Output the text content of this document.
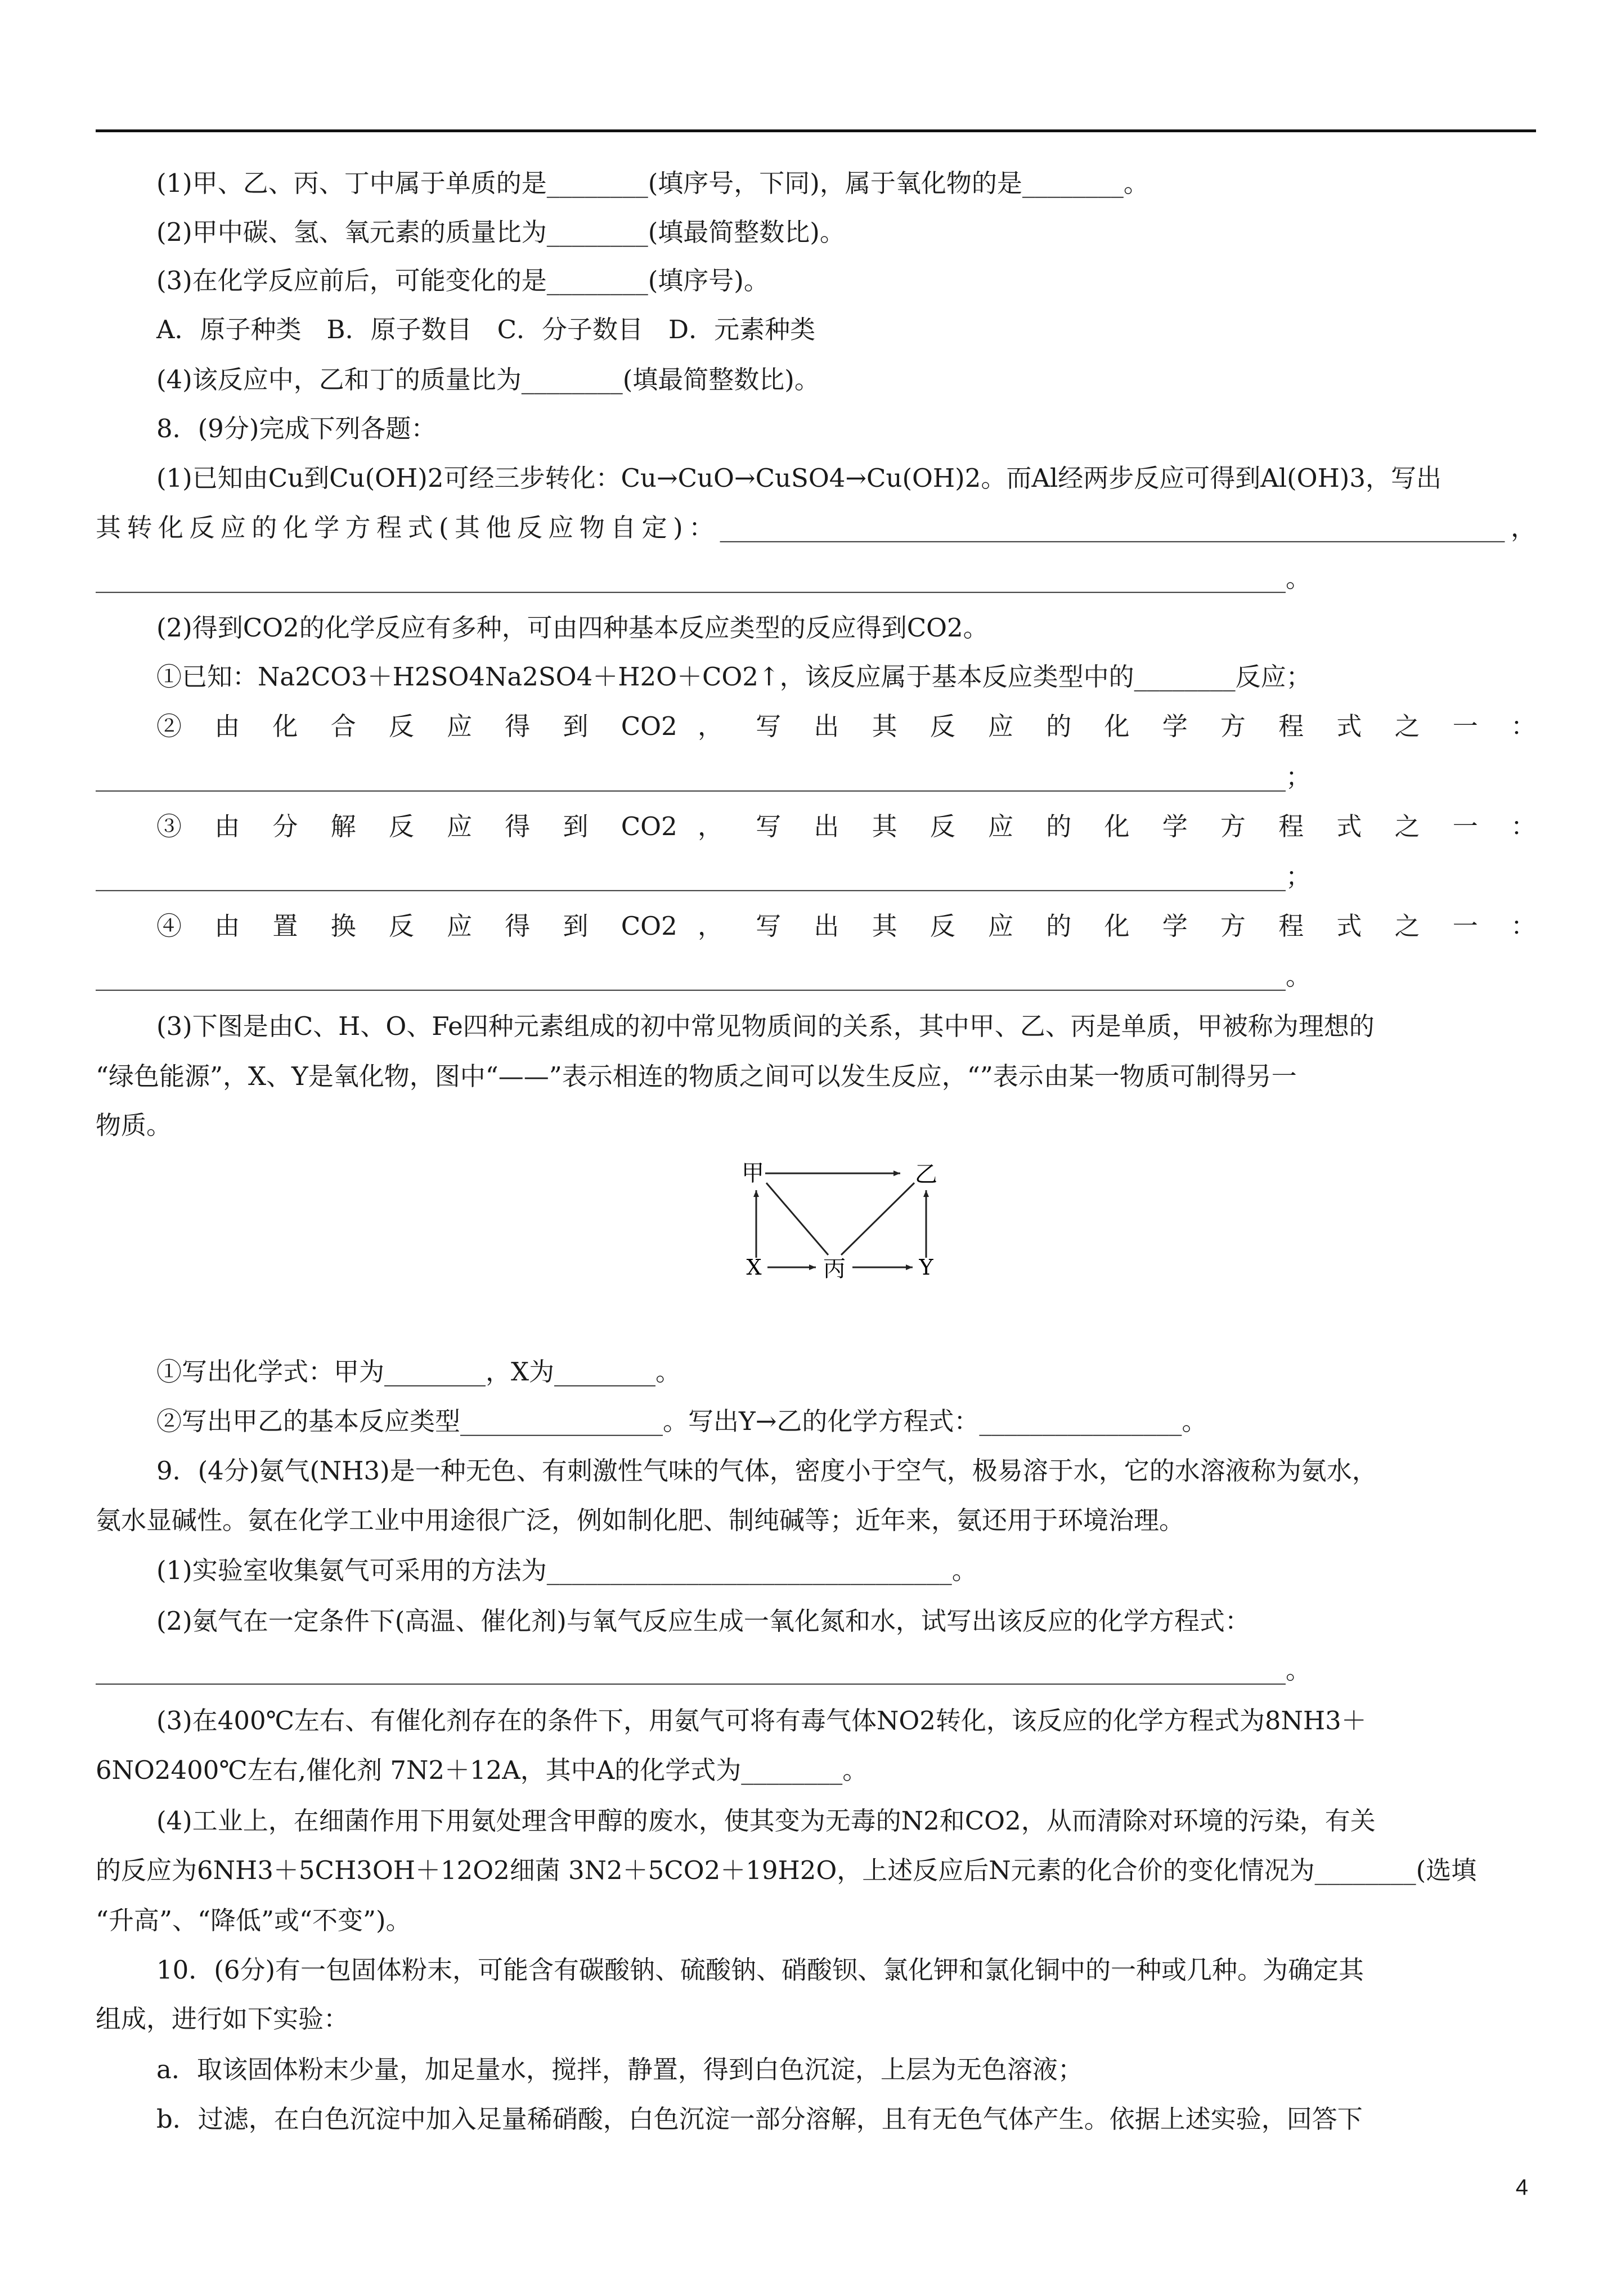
(1)甲、乙、丙、丁中属于单质的是________(填序号，下同)，属于氧化物的是________。
(2)甲中碳、氢、氧元素的质量比为________(填最简整数比)。
(3)在化学反应前后，可能变化的是________(填序号)。
A．原子种类　B．原子数目　C．分子数目　D．元素种类
(4)该反应中，乙和丁的质量比为________(填最简整数比)。
8．(9分)完成下列各题：
(1)已知由Cu到Cu(OH)2可经三步转化：Cu→CuO→CuSO4→Cu(OH)2。而Al经两步反应可得到Al(OH)3，写出
其转化反应的化学方程式(其他反应物自定)：______________________________________________________________，
______________________________________________________________________________________________。
(2)得到CO2的化学反应有多种，可由四种基本反应类型的反应得到CO2。
①已知：Na2CO3＋H2SO4Na2SO4＋H2O＋CO2↑，该反应属于基本反应类型中的________反应；
② 由 化 合 反 应 得 到 CO2 ， 写 出 其 反 应 的 化 学 方 程 式 之 一 ：
______________________________________________________________________________________________；
③ 由 分 解 反 应 得 到 CO2 ， 写 出 其 反 应 的 化 学 方 程 式 之 一 ：
______________________________________________________________________________________________；
④ 由 置 换 反 应 得 到 CO2 ， 写 出 其 反 应 的 化 学 方 程 式 之 一 ：
______________________________________________________________________________________________。
(3)下图是由C、H、O、Fe四种元素组成的初中常见物质间的关系，其中甲、乙、丙是单质，甲被称为理想的
“绿色能源”，X、Y是氧化物，图中“——”表示相连的物质之间可以发生反应，“”表示由某一物质可制得另一
物质。
甲	乙
X	丙	Y
①写出化学式：甲为________，X为________。
②写出甲乙的基本反应类型________________。写出Y→乙的化学方程式：________________。
9．(4分)氨气(NH3)是一种无色、有刺激性气味的气体，密度小于空气，极易溶于水，它的水溶液称为氨水，
氨水显碱性。氨在化学工业中用途很广泛，例如制化肥、制纯碱等；近年来，氨还用于环境治理。
(1)实验室收集氨气可采用的方法为________________________________。
(2)氨气在一定条件下(高温、催化剂)与氧气反应生成一氧化氮和水，试写出该反应的化学方程式：
______________________________________________________________________________________________。
(3)在400℃左右、有催化剂存在的条件下，用氨气可将有毒气体NO2转化，该反应的化学方程式为8NH3＋
6NO2400℃左右,催化剂 7N2＋12A，其中A的化学式为________。
(4)工业上，在细菌作用下用氨处理含甲醇的废水，使其变为无毒的N2和CO2，从而清除对环境的污染，有关
的反应为6NH3＋5CH3OH＋12O2细菌 3N2＋5CO2＋19H2O，上述反应后N元素的化合价的变化情况为________(选填
“升高”、“降低”或“不变”)。
10．(6分)有一包固体粉末，可能含有碳酸钠、硫酸钠、硝酸钡、氯化钾和氯化铜中的一种或几种。为确定其
组成，进行如下实验：
a．取该固体粉末少量，加足量水，搅拌，静置，得到白色沉淀，上层为无色溶液；
b．过滤，在白色沉淀中加入足量稀硝酸，白色沉淀一部分溶解，且有无色气体产生。依据上述实验，回答下
4
